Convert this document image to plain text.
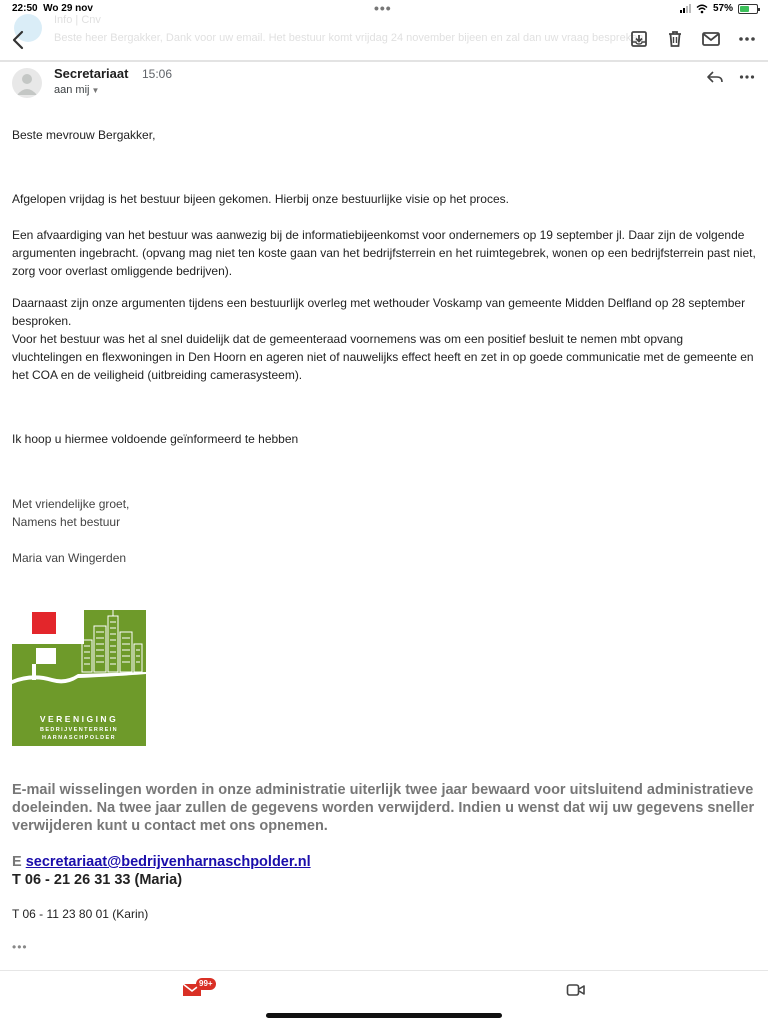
22:50 Wo 29 nov	•••	57%
Info | Cnv
Beste heer Bergakker, Dank voor uw email. Het bestuur komt vrijdag 24 november bijeen en zal dan uw vraag bespreken.
Secretariaat 15:06
aan mij ▼
Beste mevrouw Bergakker,
Afgelopen vrijdag is het bestuur bijeen gekomen. Hierbij onze bestuurlijke visie op het proces.
Een afvaardiging van het bestuur was aanwezig bij de informatiebijeenkomst voor ondernemers op 19 september jl. Daar zijn de volgende argumenten ingebracht. (opvang mag niet ten koste gaan van het bedrijfsterrein en het ruimtegebrek, wonen op een bedrijfsterrein past niet, zorg voor overlast omliggende bedrijven).
Daarnaast zijn onze argumenten tijdens een bestuurlijk overleg met wethouder Voskamp van gemeente Midden Delfland op 28 september besproken.
Voor het bestuur was het al snel duidelijk dat de gemeenteraad voornemens was om een positief besluit te nemen mbt opvang vluchtelingen en flexwoningen in Den Hoorn en ageren niet of nauwelijks effect heeft en zet in op goede communicatie met de gemeente en het COA en de veiligheid (uitbreiding camerasysteem).
Ik hoop u hiermee voldoende geïnformeerd te hebben
Met vriendelijke groet,
Namens het bestuur
Maria van Wingerden
VERENIGING
BEDRIJVENTERREIN
HARNASCHPOLDER
E-mail wisselingen worden in onze administratie uiterlijk twee jaar bewaard voor uitsluitend administratieve doeleinden. Na twee jaar zullen de gegevens worden verwijderd. Indien u wenst dat wij uw gegevens sneller verwijderen kunt u contact met ons opnemen.
E secretariaat@bedrijvenharnaschpolder.nl
T 06 - 21 26 31 33 (Maria)
T 06 - 11 23 80 01 (Karin)
•••
99+
